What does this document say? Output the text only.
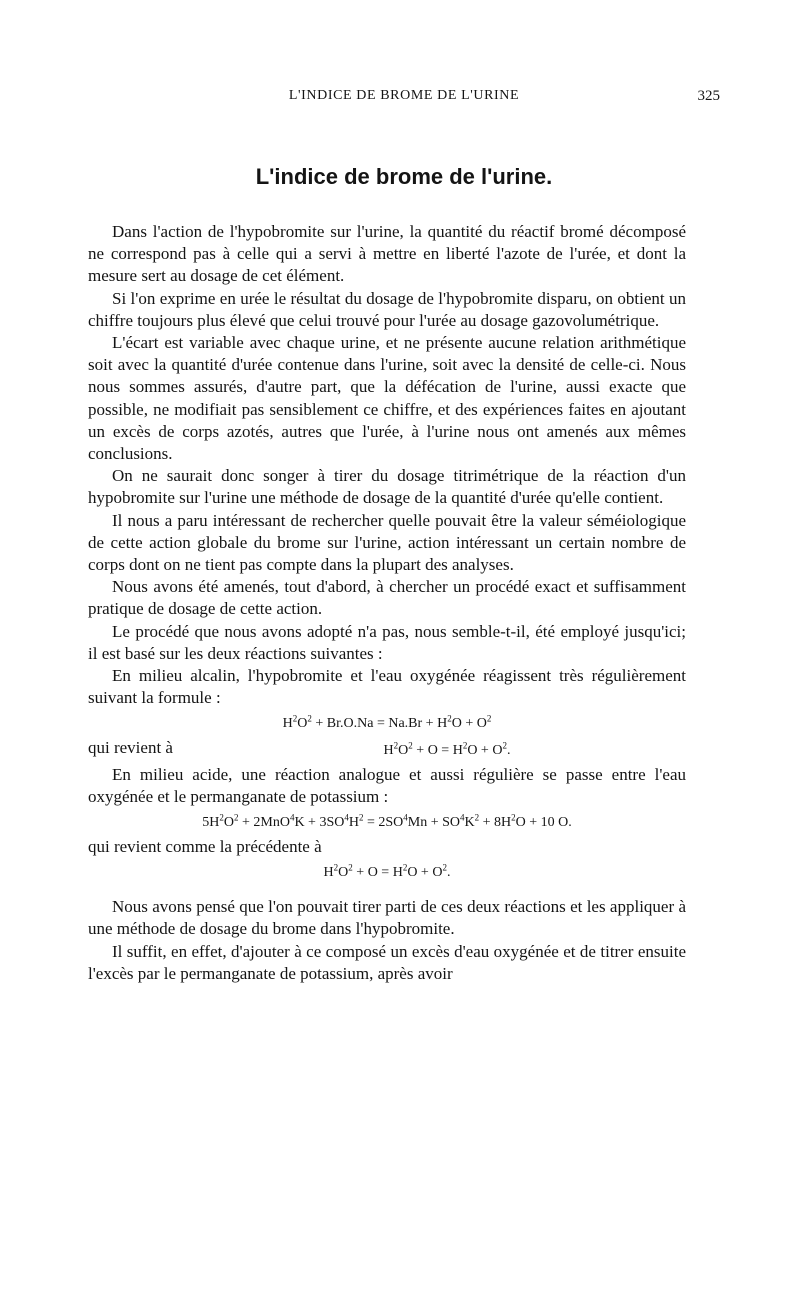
L'INDICE DE BROME DE L'URINE	325
L'indice de brome de l'urine.

Dans l'action de l'hypobromite sur l'urine, la quantité du réactif bromé décomposé ne correspond pas à celle qui a servi à mettre en liberté l'azote de l'urée, et dont la mesure sert au dosage de cet élément.

Si l'on exprime en urée le résultat du dosage de l'hypobromite disparu, on obtient un chiffre toujours plus élevé que celui trouvé pour l'urée au dosage gazovolumétrique.

L'écart est variable avec chaque urine, et ne présente aucune relation arithmétique soit avec la quantité d'urée contenue dans l'urine, soit avec la densité de celle-ci. Nous nous sommes assurés, d'autre part, que la défécation de l'urine, aussi exacte que possible, ne modifiait pas sensiblement ce chiffre, et des expériences faites en ajoutant un excès de corps azotés, autres que l'urée, à l'urine nous ont amenés aux mêmes conclusions.

On ne saurait donc songer à tirer du dosage titrimétrique de la réaction d'un hypobromite sur l'urine une méthode de dosage de la quantité d'urée qu'elle contient.

Il nous a paru intéressant de rechercher quelle pouvait être la valeur séméiologique de cette action globale du brome sur l'urine, action intéressant un certain nombre de corps dont on ne tient pas compte dans la plupart des analyses.

Nous avons été amenés, tout d'abord, à chercher un procédé exact et suffisamment pratique de dosage de cette action.

Le procédé que nous avons adopté n'a pas, nous semble-t-il, été employé jusqu'ici; il est basé sur les deux réactions suivantes :

En milieu alcalin, l'hypobromite et l'eau oxygénée réagissent très régulièrement suivant la formule :

$H^2O^2 + Br.O.Na = Na.Br + H^2O + O^2$

qui revient à	$H^2O^2 + O = H^2O + O^2$.

En milieu acide, une réaction analogue et aussi régulière se passe entre l'eau oxygénée et le permanganate de potassium :

$5H^2O^2 + 2MnO^4K + 3SO^4H^2 = 2SO^4Mn + SO^4K^2 + 8H^2O + 10$ O.

qui revient comme la précédente à

$H^2O^2 + O = H^2O + O^2$.

Nous avons pensé que l'on pouvait tirer parti de ces deux réactions et les appliquer à une méthode de dosage du brome dans l'hypobromite.

Il suffit, en effet, d'ajouter à ce composé un excès d'eau oxygénée et de titrer ensuite l'excès par le permanganate de potassium, après avoir
